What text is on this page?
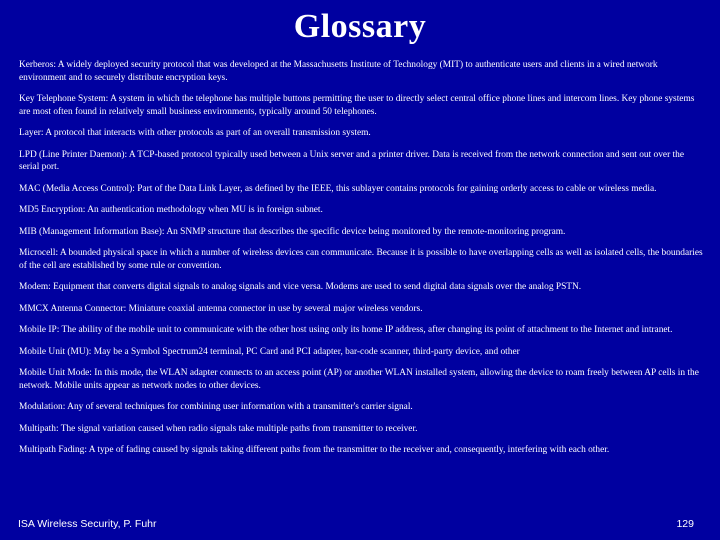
Glossary
Kerberos: A widely deployed security protocol that was developed at the Massachusetts Institute of Technology (MIT) to authenticate users and clients in a wired network environment and to securely distribute encryption keys.
Key Telephone System: A system in which the telephone has multiple buttons permitting the user to directly select central office phone lines and intercom lines. Key phone systems are most often found in relatively small business environments, typically around 50 telephones.
Layer: A protocol that interacts with other protocols as part of an overall transmission system.
LPD (Line Printer Daemon): A TCP-based protocol typically used between a Unix server and a printer driver. Data is received from the network connection and sent out over the serial port.
MAC (Media Access Control): Part of the Data Link Layer, as defined by the IEEE, this sublayer contains protocols for gaining orderly access to cable or wireless media.
MD5 Encryption: An authentication methodology when MU is in foreign subnet.
MIB (Management Information Base): An SNMP structure that describes the specific device being monitored by the remote-monitoring program.
Microcell: A bounded physical space in which a number of wireless devices can communicate. Because it is possible to have overlapping cells as well as isolated cells, the boundaries of the cell are established by some rule or convention.
Modem: Equipment that converts digital signals to analog signals and vice versa. Modems are used to send digital data signals over the analog PSTN.
MMCX Antenna Connector: Miniature coaxial antenna connector in use by several major wireless vendors.
Mobile IP: The ability of the mobile unit to communicate with the other host using only its home IP address, after changing its point of attachment to the Internet and intranet.
Mobile Unit (MU): May be a Symbol Spectrum24 terminal, PC Card and PCI adapter, bar-code scanner, third-party device, and other
Mobile Unit Mode: In this mode, the WLAN adapter connects to an access point (AP) or another WLAN installed system, allowing the device to roam freely between AP cells in the network. Mobile units appear as network nodes to other devices.
Modulation: Any of several techniques for combining user information with a transmitter's carrier signal.
Multipath: The signal variation caused when radio signals take multiple paths from transmitter to receiver.
Multipath Fading: A type of fading caused by signals taking different paths from the transmitter to the receiver and, consequently, interfering with each other.
ISA Wireless Security, P. Fuhr	129
